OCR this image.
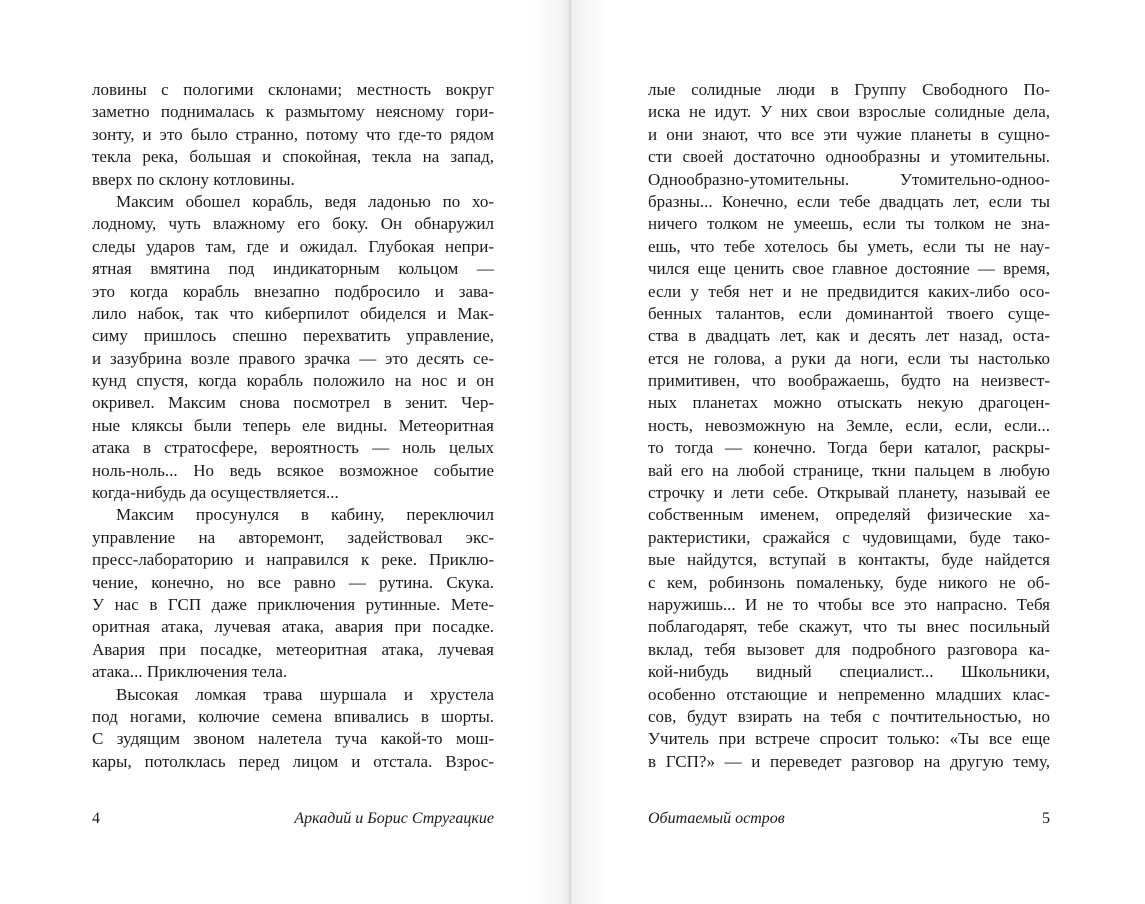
ловины с пологими склонами; местность вокруг
заметно поднималась к размытому неясному гори-
зонту, и это было странно, потому что где-то рядом
текла река, большая и спокойная, текла на запад,
вверх по склону котловины.
Максим обошел корабль, ведя ладонью по хо-
лодному, чуть влажному его боку. Он обнаружил
следы ударов там, где и ожидал. Глубокая непри-
ятная вмятина под индикаторным кольцом —
это когда корабль внезапно подбросило и зава-
лило набок, так что киберпилот обиделся и Мак-
симу пришлось спешно перехватить управление,
и зазубрина возле правого зрачка — это десять се-
кунд спустя, когда корабль положило на нос и он
окривел. Максим снова посмотрел в зенит. Чер-
ные кляксы были теперь еле видны. Метеоритная
атака в стратосфере, вероятность — ноль целых
ноль-ноль... Но ведь всякое возможное событие
когда-нибудь да осуществляется...
Максим просунулся в кабину, переключил
управление на авторемонт, задействовал экс-
пресс-лабораторию и направился к реке. Приклю-
чение, конечно, но все равно — рутина. Скука.
У нас в ГСП даже приключения рутинные. Мете-
оритная атака, лучевая атака, авария при посадке.
Авария при посадке, метеоритная атака, лучевая
атака... Приключения тела.
Высокая ломкая трава шуршала и хрустела
под ногами, колючие семена впивались в шорты.
С зудящим звоном налетела туча какой-то мош-
кары, потолклась перед лицом и отстала. Взрос-
лые солидные люди в Группу Свободного По-
иска не идут. У них свои взрослые солидные дела,
и они знают, что все эти чужие планеты в сущно-
сти своей достаточно однообразны и утомительны.
Однообразно-утомительны. Утомительно-одноо-
бразны... Конечно, если тебе двадцать лет, если ты
ничего толком не умеешь, если ты толком не зна-
ешь, что тебе хотелось бы уметь, если ты не нау-
чился еще ценить свое главное достояние — время,
если у тебя нет и не предвидится каких-либо осо-
бенных талантов, если доминантой твоего суще-
ства в двадцать лет, как и десять лет назад, оста-
ется не голова, а руки да ноги, если ты настолько
примитивен, что воображаешь, будто на неизвест-
ных планетах можно отыскать некую драгоцен-
ность, невозможную на Земле, если, если, если...
то тогда — конечно. Тогда бери каталог, раскры-
вай его на любой странице, ткни пальцем в любую
строчку и лети себе. Открывай планету, называй ее
собственным именем, определяй физические ха-
рактеристики, сражайся с чудовищами, буде тако-
вые найдутся, вступай в контакты, буде найдется
с кем, робинзонь помаленьку, буде никого не об-
наружишь... И не то чтобы все это напрасно. Тебя
поблагодарят, тебе скажут, что ты внес посильный
вклад, тебя вызовет для подробного разговора ка-
кой-нибудь видный специалист... Школьники,
особенно отстающие и непременно младших клас-
сов, будут взирать на тебя с почтительностью, но
Учитель при встрече спросит только: «Ты все еще
в ГСП?» — и переведет разговор на другую тему,
4	Аркадий и Борис Стругацкие	Обитаемый остров	5
